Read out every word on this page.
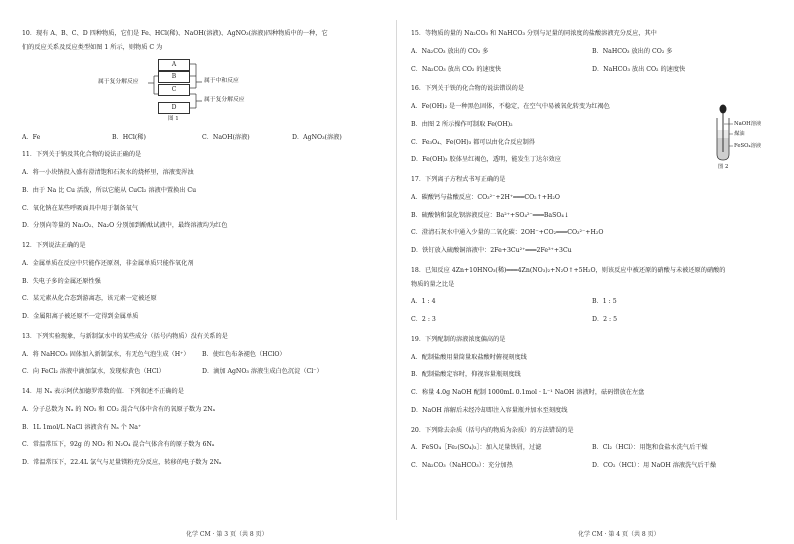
10．现有 A、B、C、D 四种物质，它们是 Fe、HCl(稀)、NaOH(溶液)、AgNO₃(溶液)四种物质中的一种，它

们的反应关系及反应类型如图 1 所示，则物质 C 为

A
B
C
D
属于复分解反应	属于中和反应
属于复分解反应
图 1
A．Fe	B．HCl(稀)	C．NaOH(溶液)	D．AgNO₃(溶液)

11．下列关于钠及其化合物的说法正确的是

A．将一小块钠投入盛有澄清饱和石灰水的烧杯里，溶液变浑浊

B．由于 Na 比 Cu 活泼，所以它能从 CuCl₂ 溶液中置换出 Cu

C．氧化钠在某些呼吸面具中用于制备氧气

D．分别向等量的 Na₂O₂、Na₂O 分别加到酚酞试液中，最终溶液均为红色

12．下列说法正确的是

A．金属单质在反应中只能作还原剂，非金属单质只能作氧化剂

B．失电子多的金属还原性强

C．某元素从化合态到游离态，该元素一定被还原

D．金属阳离子被还原不一定得到金属单质

13．下列实验现象，与新制氯水中的某些成分（括号内物质）没有关系的是

A．将 NaHCO₃ 固体加入新制氯水，有无色气泡生成（H⁺）	B．使红色布条褪色（HClO）
C．向 FeCl₂ 溶液中滴加氯水，发现棕黄色（HCl）	D．滴加 AgNO₃ 溶液生成白色沉淀（Cl⁻）

14．用 Nₐ 表示阿伏加德罗常数的值．下列叙述不正确的是

A．分子总数为 Nₐ 的 NO₂ 和 CO₂ 混合气体中含有的氧原子数为 2Nₐ

B．1L 1mol/L NaCl 溶液含有 Nₐ 个 Na⁺

C．常温常压下，92g 的 NO₂ 和 N₂O₄ 混合气体含有的原子数为 6Nₐ

D．常温常压下，22.4L 氯气与足量镁粉充分反应，转移的电子数为 2Nₐ

15．等物质的量的 Na₂CO₃ 和 NaHCO₃ 分别与足量的同浓度的盐酸溶液充分反应，其中

A．Na₂CO₃ 放出的 CO₂ 多	B．NaHCO₃ 放出的 CO₂ 多
C．Na₂CO₃ 放出 CO₂ 的速度快	D．NaHCO₃ 放出 CO₂ 的速度快

16．下列关于铁的化合物的说法错误的是

A．Fe(OH)₂ 是一种黑色固体，不稳定，在空气中易被氧化转变为红褐色

B．由图 2 所示操作可制取 Fe(OH)₂

C．Fe₃O₄、Fe(OH)₃ 都可以由化合反应制得

D．Fe(OH)₃ 胶体呈红褐色，透明，能发生丁达尔效应

17．下列离子方程式书写正确的是

A．碳酸钙与盐酸反应：CO₃²⁻+2H⁺═══CO₂↑+H₂O

B．硫酸钠和氯化钡溶液反应：Ba²⁺+SO₄²⁻═══BaSO₄↓

C．澄清石灰水中通入少量的二氧化碳：2OH⁻+CO₂═══CO₃²⁻+H₂O

D．铁钉放入硫酸铜溶液中：2Fe+3Cu²⁺═══2Fe³⁺+3Cu

18．已知反应 4Zn+10HNO₃(稀)═══4Zn(NO₃)₂+N₂O↑+5H₂O，则该反应中被还原的硝酸与未被还原的硝酸的

物质的量之比是

A．1 : 4	B．1 : 5
C．2 : 3	D．2 : 5

19．下列配制的溶液浓度偏高的是

A．配制盐酸用量筒量取盐酸时俯视刻度线

B．配制盐酸定容时，仰视容量瓶刻度线

C．称量 4.0g NaOH 配制 1000mL 0.1mol · L⁻¹ NaOH 溶液时，砝码错放在左盘

D．NaOH 溶解后未经冷却即注入容量瓶并加水至刻度线

20．下列除去杂质（括号内的物质为杂质）的方法错误的是

A．FeSO₄［Fe₂(SO₄)₃］：加入足量铁屑，过滤	B．Cl₂（HCl）：用饱和食盐水洗气后干燥
C．Na₂CO₃（NaHCO₃）：充分加热	D．CO₂（HCl）：用 NaOH 溶液洗气后干燥
NaOH溶液
煤油
FeSO₄溶液
图 2
化学 CM · 第 3 页（共 8 页）	化学 CM · 第 4 页（共 8 页）
